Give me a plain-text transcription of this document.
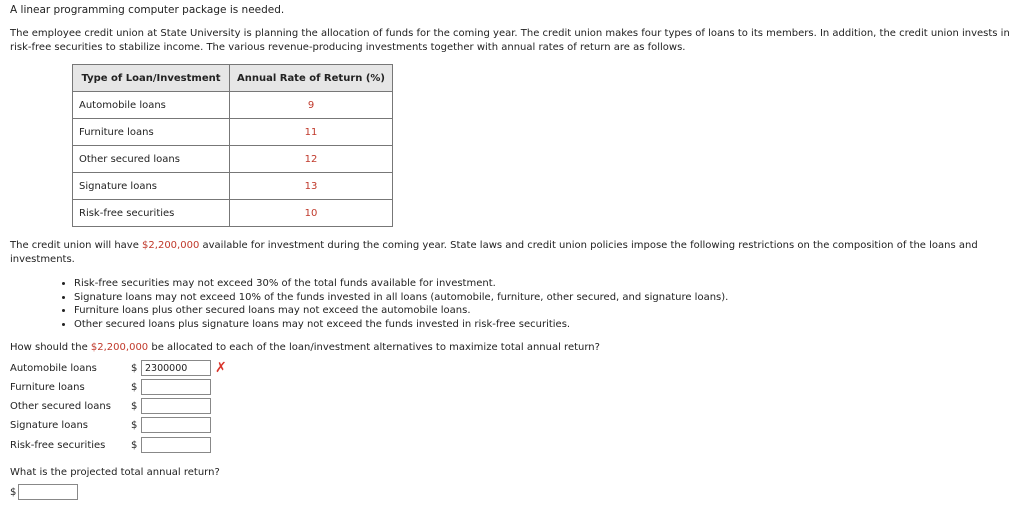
A linear programming computer package is needed.
The employee credit union at State University is planning the allocation of funds for the coming year. The credit union makes four types of loans to its members. In addition, the credit union invests in risk-free securities to stabilize income. The various revenue-producing investments together with annual rates of return are as follows.
Type of Loan/Investment	Annual Rate of Return (%)
Automobile loans	9
Furniture loans	11
Other secured loans	12
Signature loans	13
Risk-free securities	10
The credit union will have $2,200,000 available for investment during the coming year. State laws and credit union policies impose the following restrictions on the composition of the loans and investments.
• Risk-free securities may not exceed 30% of the total funds available for investment.
• Signature loans may not exceed 10% of the funds invested in all loans (automobile, furniture, other secured, and signature loans).
• Furniture loans plus other secured loans may not exceed the automobile loans.
• Other secured loans plus signature loans may not exceed the funds invested in risk-free securities.
How should the $2,200,000 be allocated to each of the loan/investment alternatives to maximize total annual return?
Automobile loans	$
2300000	✗
Furniture loans	$
Other secured loans	$
Signature loans	$
Risk-free securities	$
What is the projected total annual return?
$
